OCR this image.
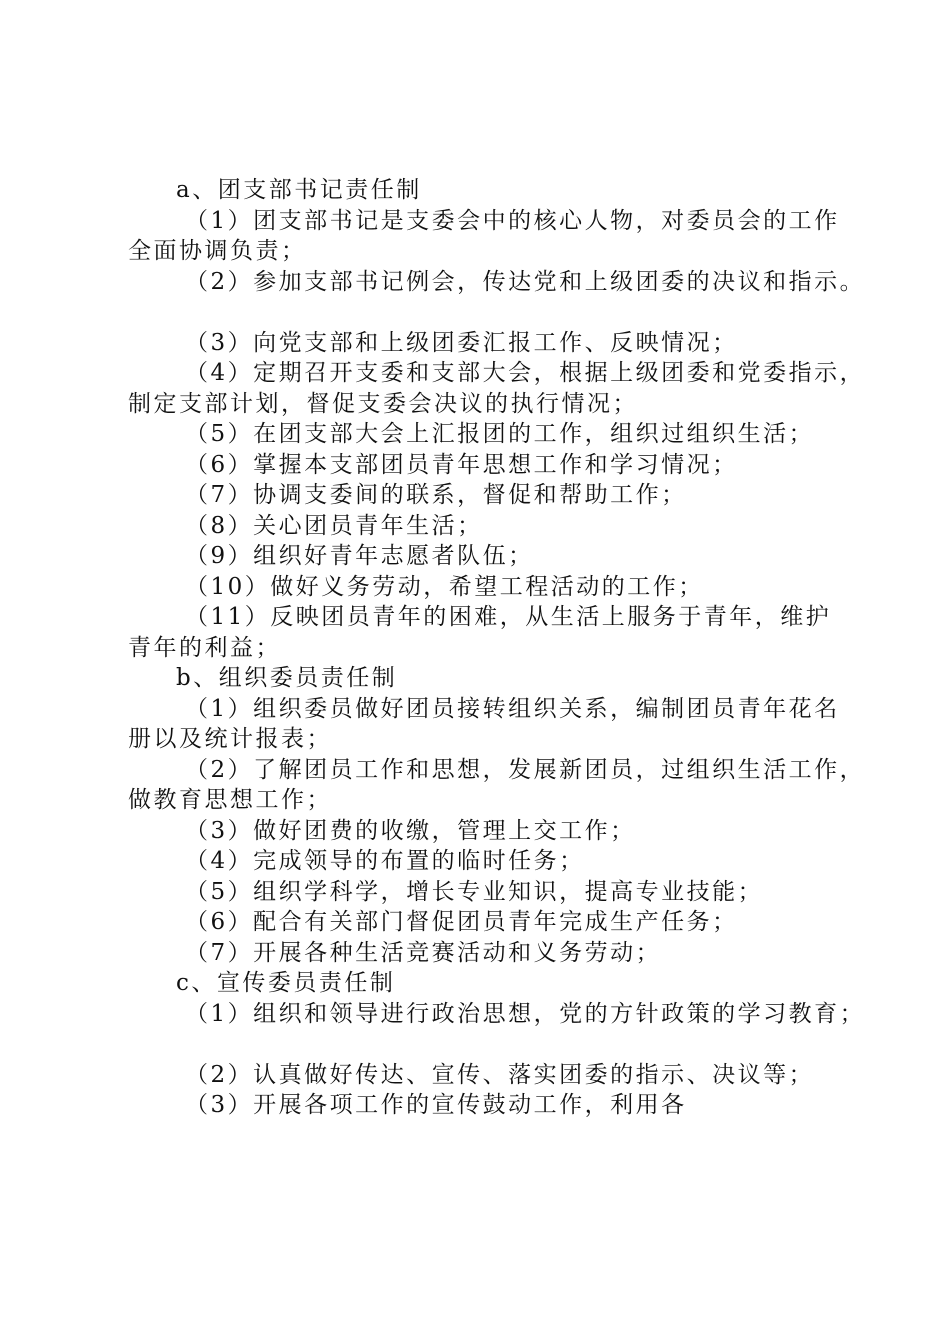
a、团支部书记责任制
（1）团支部书记是支委会中的核心人物，对委员会的工作
全面协调负责；
（2）参加支部书记例会，传达党和上级团委的决议和指示。
（3）向党支部和上级团委汇报工作、反映情况；
（4）定期召开支委和支部大会，根据上级团委和党委指示，
制定支部计划，督促支委会决议的执行情况；
（5）在团支部大会上汇报团的工作，组织过组织生活；
（6）掌握本支部团员青年思想工作和学习情况；
（7）协调支委间的联系，督促和帮助工作；
（8）关心团员青年生活；
（9）组织好青年志愿者队伍；
（10）做好义务劳动，希望工程活动的工作；
（11）反映团员青年的困难，从生活上服务于青年，维护
青年的利益；
b、组织委员责任制
（1）组织委员做好团员接转组织关系，编制团员青年花名
册以及统计报表；
（2）了解团员工作和思想，发展新团员，过组织生活工作，
做教育思想工作；
（3）做好团费的收缴，管理上交工作；
（4）完成领导的布置的临时任务；
（5）组织学科学，增长专业知识，提高专业技能；
（6）配合有关部门督促团员青年完成生产任务；
（7）开展各种生活竞赛活动和义务劳动；
c、宣传委员责任制
（1）组织和领导进行政治思想，党的方针政策的学习教育；
（2）认真做好传达、宣传、落实团委的指示、决议等；
（3）开展各项工作的宣传鼓动工作，利用各
